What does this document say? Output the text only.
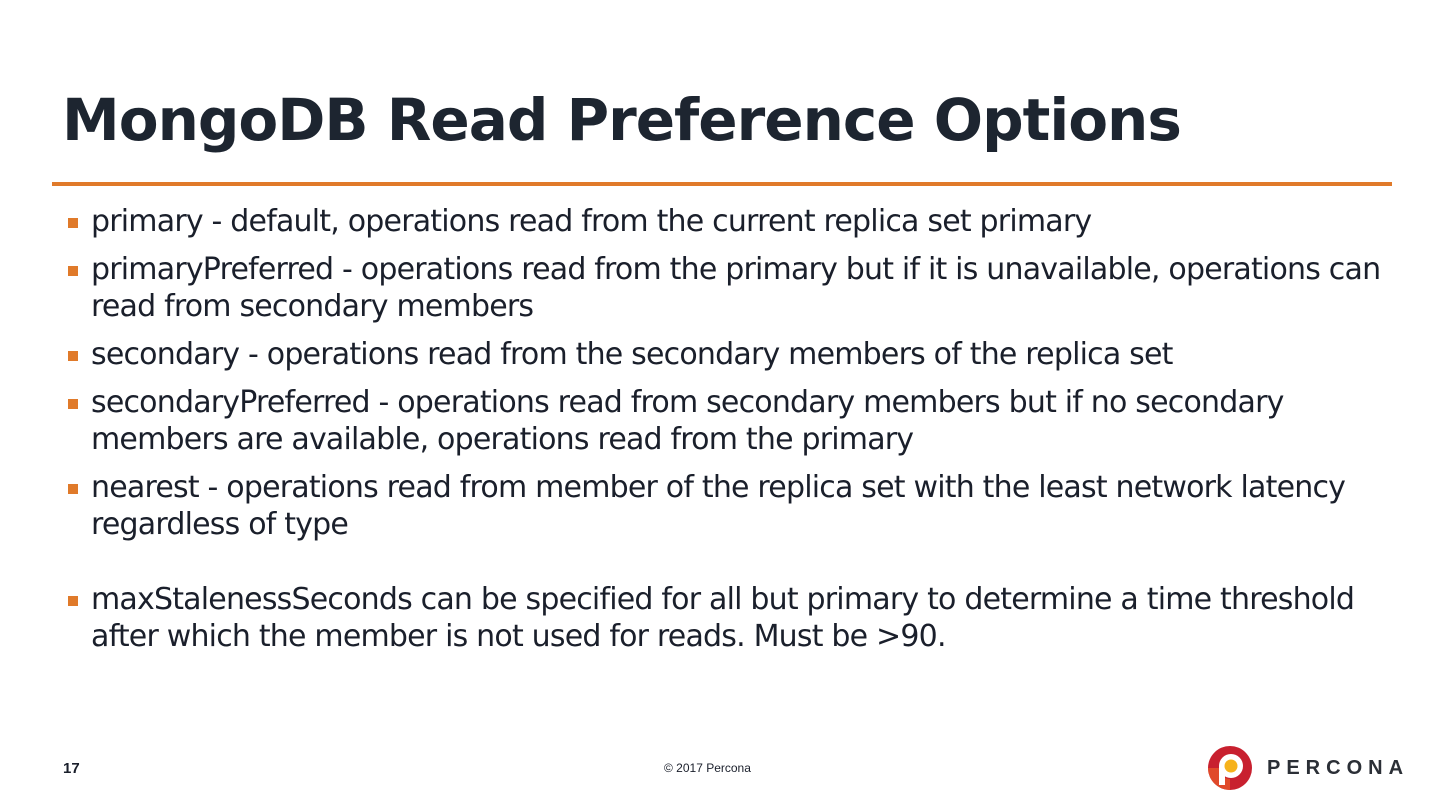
MongoDB Read Preference Options
primary - default, operations read from the current replica set primary
primaryPreferred - operations read from the primary but if it is unavailable, operations can read from secondary members
secondary - operations read from the secondary members of the replica set
secondaryPreferred - operations read from secondary members but if no secondary members are available, operations read from the primary
nearest - operations read from member of the replica set with the least network latency regardless of type
maxStalenessSeconds can be specified for all but primary to determine a time threshold after which the member is not used for reads. Must be >90.
17	© 2017 Percona	PERCONA
